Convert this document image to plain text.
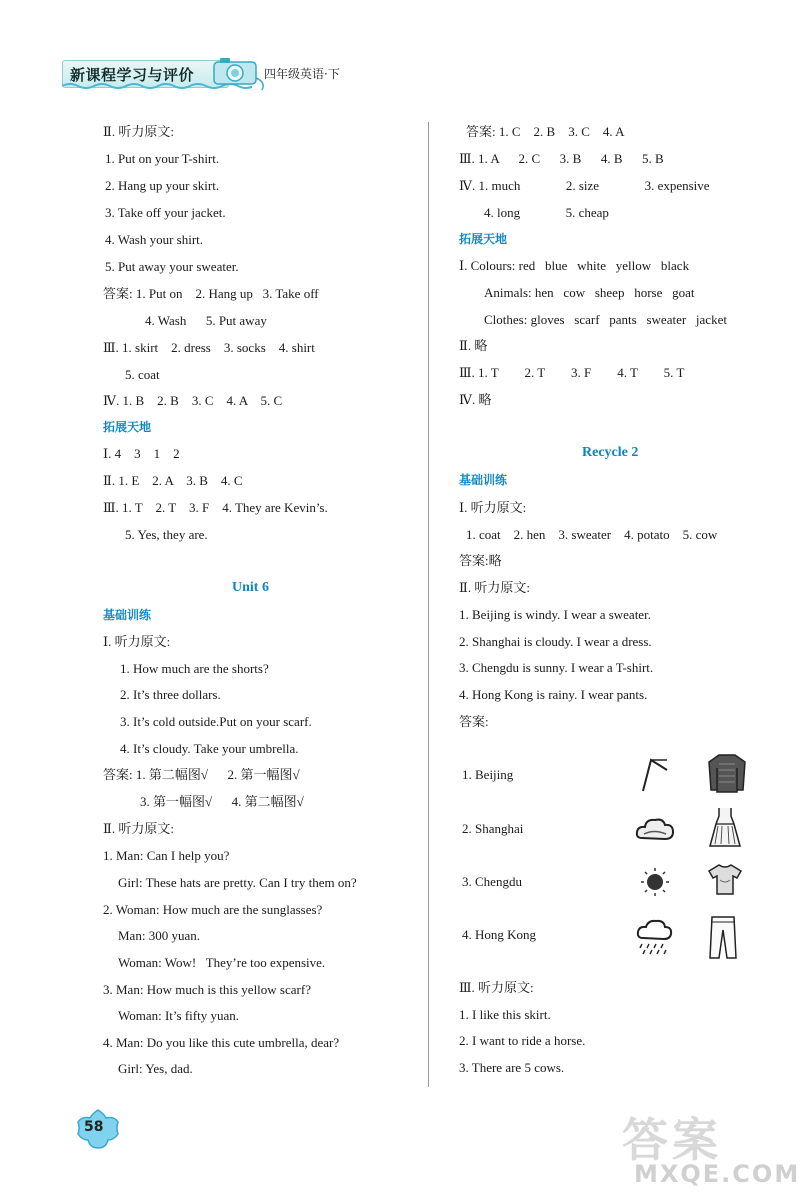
新课程学习与评价	四年级英语·下
Ⅱ. 听力原文:
1. Put on your T-shirt.
2. Hang up your skirt.
3. Take off your jacket.
4. Wash your shirt.
5. Put away your sweater.
答案: 1. Put on    2. Hang up   3. Take off
4. Wash      5. Put away
Ⅲ. 1. skirt    2. dress    3. socks    4. shirt
5. coat
Ⅳ. 1. B    2. B    3. C    4. A    5. C
拓展天地
Ⅰ. 4    3    1    2
Ⅱ. 1. E    2. A    3. B    4. C
Ⅲ. 1. T    2. T    3. F    4. They are Kevin’s.
5. Yes, they are.
Unit 6
基础训练
Ⅰ. 听力原文:
1. How much are the shorts?
2. It’s three dollars.
3. It’s cold outside.Put on your scarf.
4. It’s cloudy. Take your umbrella.
答案: 1. 第二幅图√      2. 第一幅图√
3. 第一幅图√      4. 第二幅图√
Ⅱ. 听力原文:
1. Man: Can I help you?
Girl: These hats are pretty. Can I try them on?
2. Woman: How much are the sunglasses?
Man: 300 yuan.
Woman: Wow!   They’re too expensive.
3. Man: How much is this yellow scarf?
Woman: It’s fifty yuan.
4. Man: Do you like this cute umbrella, dear?
Girl: Yes, dad.
答案: 1. C    2. B    3. C    4. A
Ⅲ. 1. A      2. C      3. B      4. B      5. B
Ⅳ. 1. much              2. size              3. expensive
4. long              5. cheap
拓展天地
Ⅰ. Colours: red   blue   white   yellow   black
Animals: hen   cow   sheep   horse   goat
Clothes: gloves   scarf   pants   sweater   jacket
Ⅱ. 略
Ⅲ. 1. T        2. T        3. F        4. T        5. T
Ⅳ. 略
Recycle 2
基础训练
Ⅰ. 听力原文:
1. coat    2. hen    3. sweater    4. potato    5. cow
答案:略
Ⅱ. 听力原文:
1. Beijing is windy. I wear a sweater.
2. Shanghai is cloudy. I wear a dress.
3. Chengdu is sunny. I wear a T-shirt.
4. Hong Kong is rainy. I wear pants.
答案:
1. Beijing
2. Shanghai
3. Chengdu
4. Hong Kong
Ⅲ. 听力原文:
1. I like this skirt.
2. I want to ride a horse.
3. There are 5 cows.
58	答案
MXQE.COM
